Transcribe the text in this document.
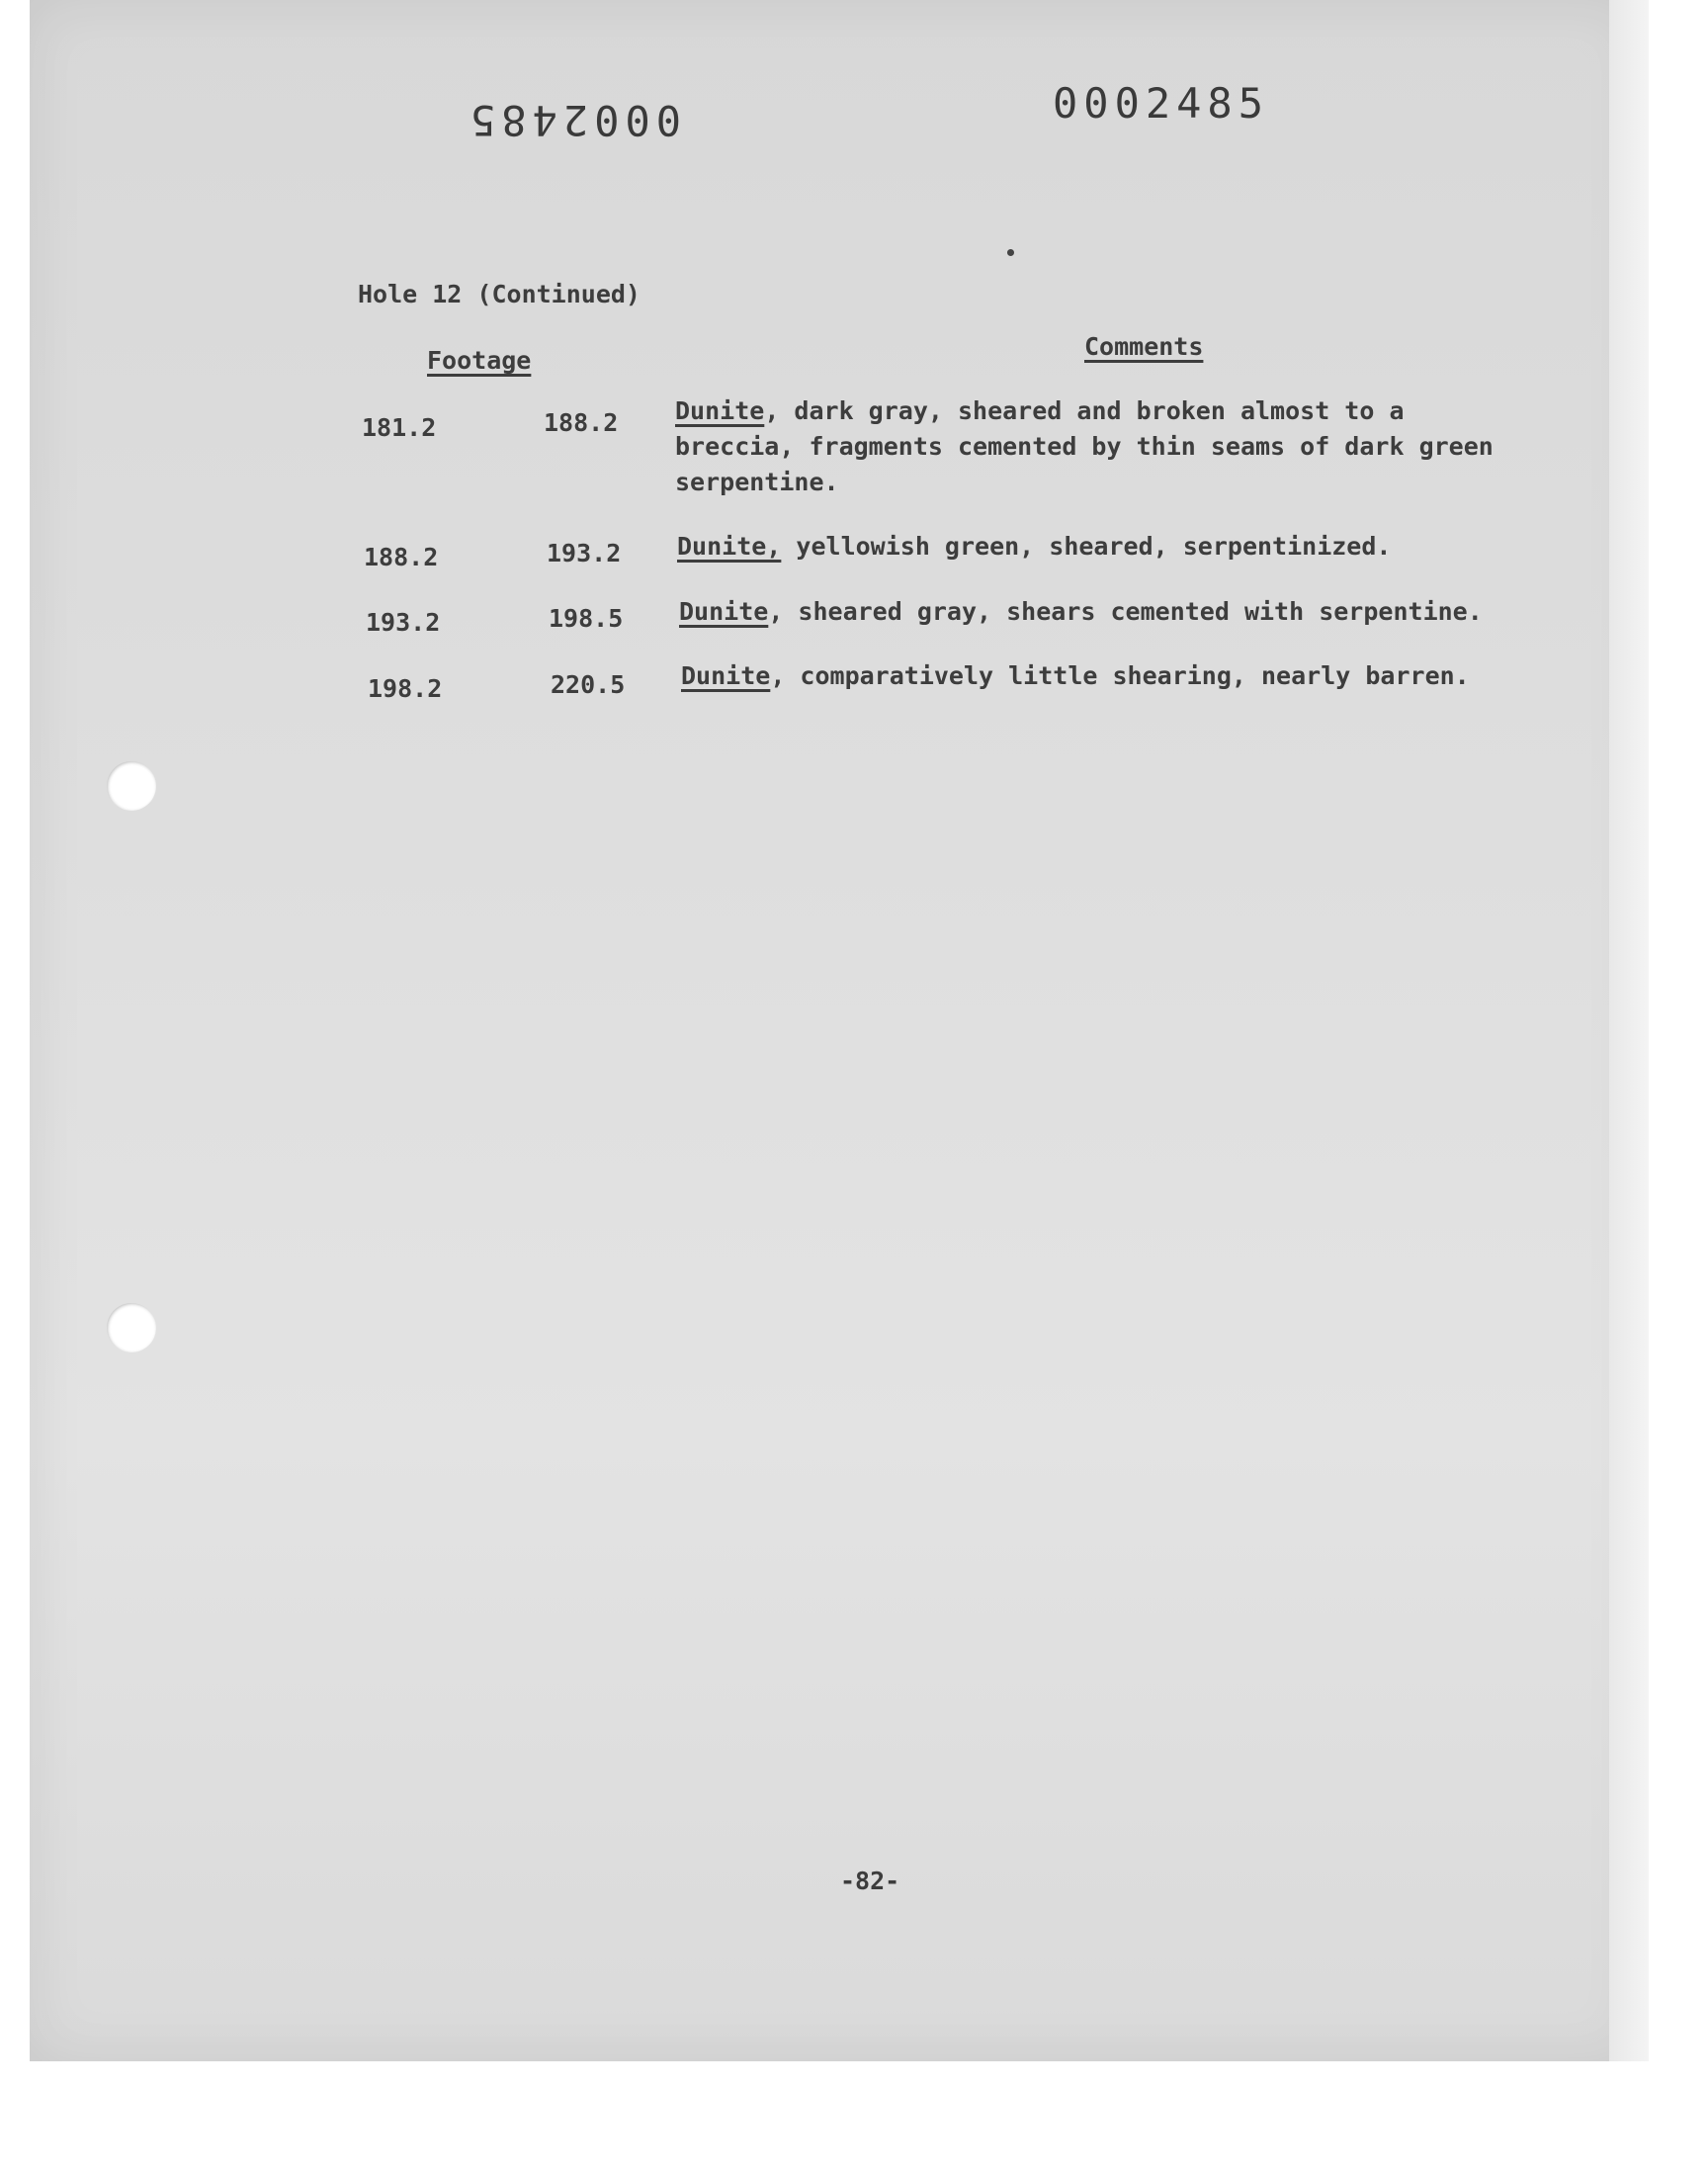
0002485	0002485
Hole 12 (Continued)
Footage	Comments
181.2	188.2 Dunite, dark gray, sheared and broken almost to a breccia, fragments cemented by thin seams of dark green serpentine.
188.2	193.2 Dunite, yellowish green, sheared, serpentinized.
193.2	198.5 Dunite, sheared gray, shears cemented with serpentine.
198.2	220.5 Dunite, comparatively little shearing, nearly barren.
-82-
